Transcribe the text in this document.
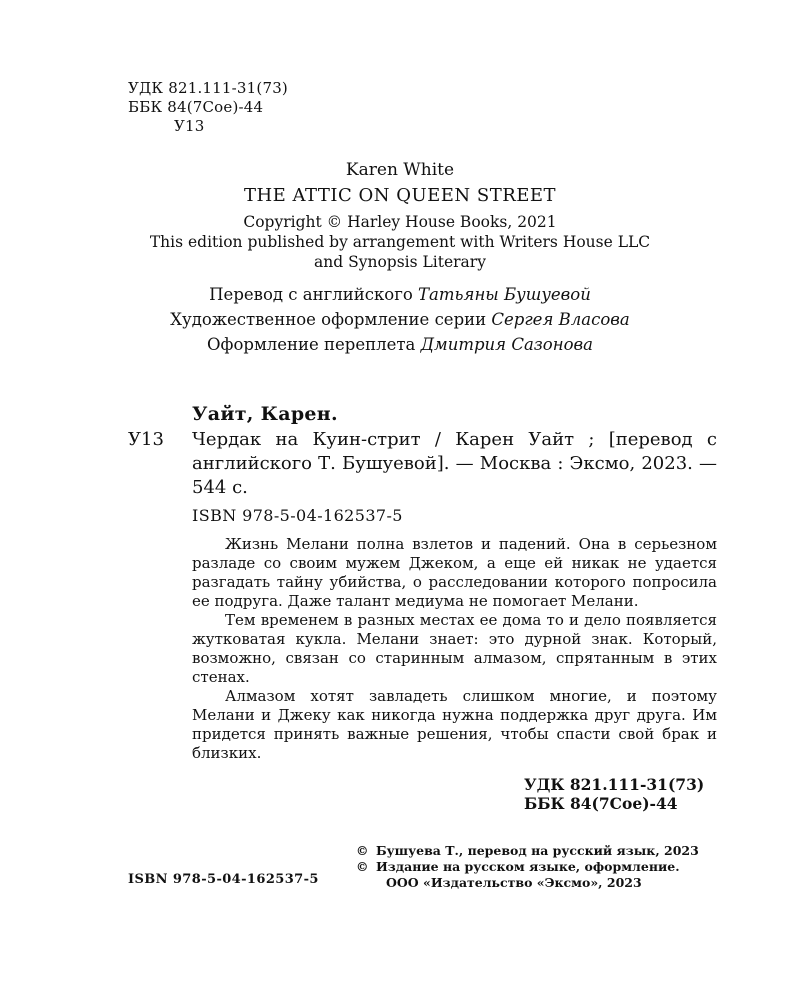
УДК 821.111-31(73)
ББК 84(7Сое)-44
У13
Karen White
THE ATTIC ON QUEEN STREET
Copyright © Harley House Books, 2021
This edition published by arrangement with Writers House LLC
and Synopsis Literary
Перевод с английского Татьяны Бушуевой
Художественное оформление серии Сергея Власова
Оформление переплета Дмитрия Сазонова
Уайт, Карен.
У13 Чердак на Куин-стрит / Карен Уайт ; [перевод с английского Т. Бушуевой]. — Москва : Эксмо, 2023. — 544 с.
ISBN 978-5-04-162537-5

Жизнь Мелани полна взлетов и падений. Она в серьезном разладе со своим мужем Джеком, а еще ей никак не удается разгадать тайну убийства, о расследовании которого попросила ее подруга. Даже талант медиума не помогает Мелани.

Тем временем в разных местах ее дома то и дело появляется жутковатая кукла. Мелани знает: это дурной знак. Который, возможно, связан со старинным алмазом, спрятанным в этих стенах.

Алмазом хотят завладеть слишком многие, и поэтому Мелани и Джеку как никогда нужна поддержка друг друга. Им придется принять важные решения, чтобы спасти свой брак и близких.

УДК 821.111-31(73)
ББК 84(7Сое)-44
© Бушуева Т., перевод на русский язык, 2023
© Издание на русском языке, оформление.
ООО «Издательство «Эксмо», 2023
ISBN 978-5-04-162537-5
